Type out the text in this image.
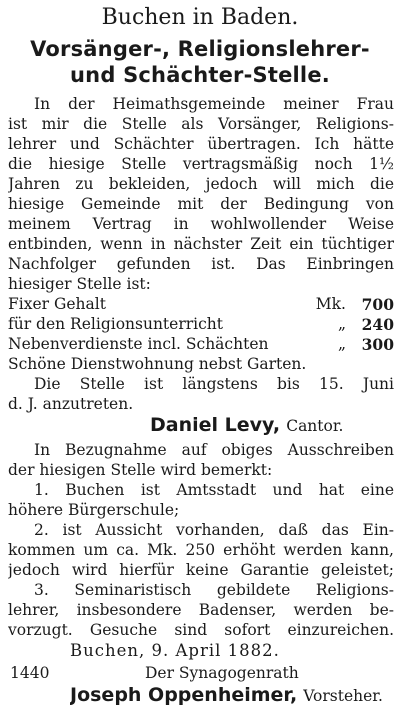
Buchen in Baden.
Vorsänger-, Religionslehrer-
und Schächter-Stelle.
In der Heimathsgemeinde meiner Frau
ist mir die Stelle als Vorsänger, Religions-
lehrer und Schächter übertragen. Ich hätte
die hiesige Stelle vertragsmäßig noch 1½
Jahren zu bekleiden, jedoch will mich die
hiesige Gemeinde mit der Bedingung von
meinem Vertrag in wohlwollender Weise
entbinden, wenn in nächster Zeit ein tüchtiger
Nachfolger gefunden ist. Das Einbringen
hiesiger Stelle ist:
Fixer Gehalt	Mk. 700
für den Religionsunterricht	„ 240
Nebenverdienste incl. Schächten	„ 300
Schöne Dienstwohnung nebst Garten.
Die Stelle ist längstens bis 15. Juni
d. J. anzutreten.
Daniel Levy, Cantor.
In Bezugnahme auf obiges Ausschreiben
der hiesigen Stelle wird bemerkt:
1. Buchen ist Amtsstadt und hat eine
höhere Bürgerschule;
2. ist Aussicht vorhanden, daß das Ein-
kommen um ca. Mk. 250 erhöht werden kann,
jedoch wird hierfür keine Garantie geleistet;
3. Seminaristisch gebildete Religions-
lehrer, insbesondere Badenser, werden be-
vorzugt. Gesuche sind sofort einzureichen.
Buchen, 9. April 1882.
1440	Der Synagogenrath
Joseph Oppenheimer, Vorsteher.
